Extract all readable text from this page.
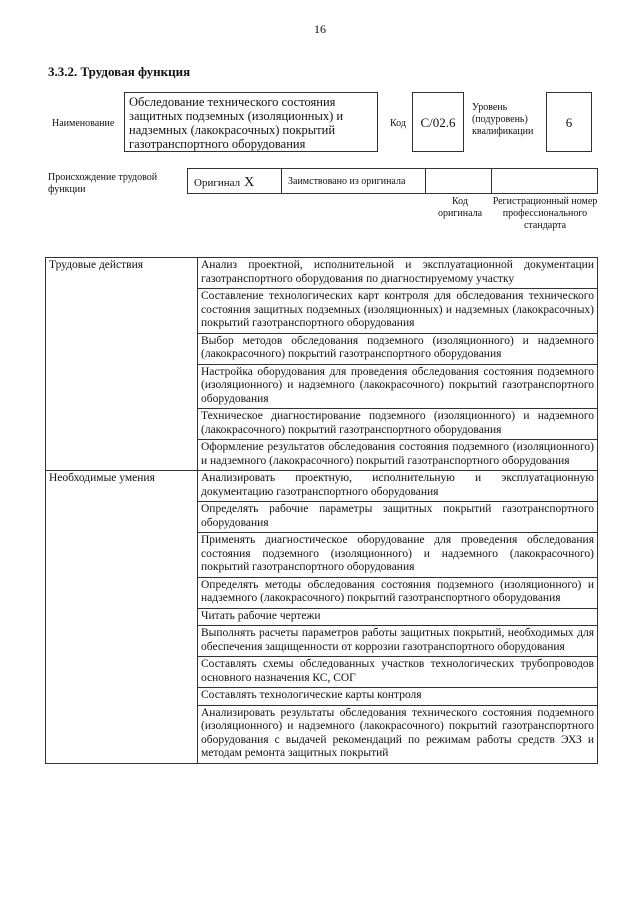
16
3.3.2. Трудовая функция
Наименование
Обследование технического состояния защитных подземных (изоляционных) и надземных (лакокрасочных) покрытий газотранспортного оборудования
Код	С/02.6
Уровень (подуровень) квалификации
6
Происхождение трудовой функции
Оригинал X	Заимствовано из оригинала
Код оригинала
Регистрационный номер профессионального стандарта
Трудовые действия	Анализ проектной, исполнительной и эксплуатационной документации газотранспортного оборудования по диагностируемому участку
	Составление технологических карт контроля для обследования технического состояния защитных подземных (изоляционных) и надземных (лакокрасочных) покрытий газотранспортного оборудования
	Выбор методов обследования подземного (изоляционного) и надземного (лакокрасочного) покрытий газотранспортного оборудования
	Настройка оборудования для проведения обследования состояния подземного (изоляционного) и надземного (лакокрасочного) покрытий газотранспортного оборудования
	Техническое диагностирование подземного (изоляционного) и надземного (лакокрасочного) покрытий газотранспортного оборудования
	Оформление результатов обследования состояния подземного (изоляционного) и надземного (лакокрасочного) покрытий газотранспортного оборудования
Необходимые умения	Анализировать проектную, исполнительную и эксплуатационную документацию газотранспортного оборудования
	Определять рабочие параметры защитных покрытий газотранспортного оборудования
	Применять диагностическое оборудование для проведения обследования состояния подземного (изоляционного) и надземного (лакокрасочного) покрытий газотранспортного оборудования
	Определять методы обследования состояния подземного (изоляционного) и надземного (лакокрасочного) покрытий газотранспортного оборудования
	Читать рабочие чертежи
	Выполнять расчеты параметров работы защитных покрытий, необходимых для обеспечения защищенности от коррозии газотранспортного оборудования
	Составлять схемы обследованных участков технологических трубопроводов основного назначения КС, СОГ
	Составлять технологические карты контроля
	Анализировать результаты обследования технического состояния подземного (изоляционного) и надземного (лакокрасочного) покрытий газотранспортного оборудования с выдачей рекомендаций по режимам работы средств ЭХЗ и методам ремонта защитных покрытий
